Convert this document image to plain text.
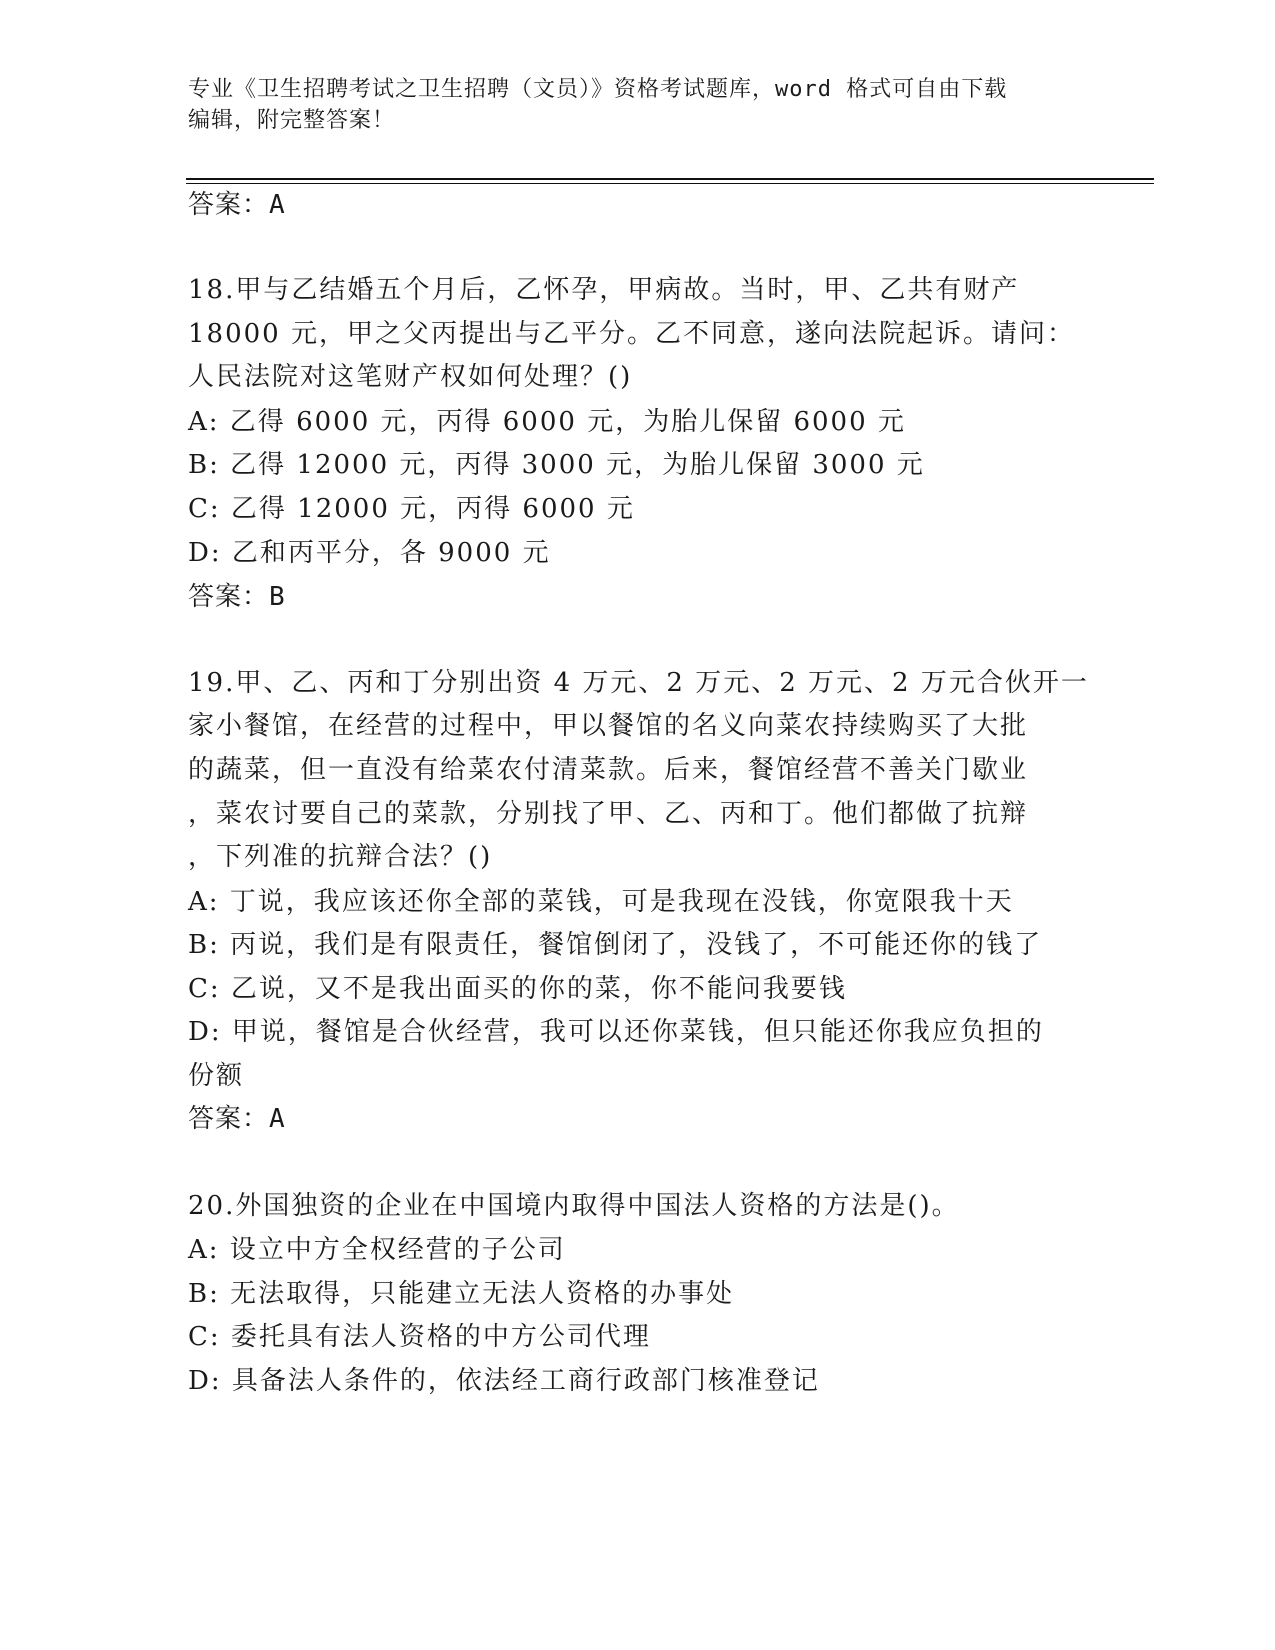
专业《卫生招聘考试之卫生招聘（文员）》资格考试题库，word 格式可自由下载
编辑，附完整答案！
答案：A
18.甲与乙结婚五个月后，乙怀孕，甲病故。当时，甲、乙共有财产
18000 元，甲之父丙提出与乙平分。乙不同意，遂向法院起诉。请问：
人民法院对这笔财产权如何处理？()
A: 乙得 6000 元，丙得 6000 元，为胎儿保留 6000 元
B: 乙得 12000 元，丙得 3000 元，为胎儿保留 3000 元
C: 乙得 12000 元，丙得 6000 元
D: 乙和丙平分，各 9000 元
答案：B
19.甲、乙、丙和丁分别出资 4 万元、2 万元、2 万元、2 万元合伙开一
家小餐馆，在经营的过程中，甲以餐馆的名义向菜农持续购买了大批
的蔬菜，但一直没有给菜农付清菜款。后来，餐馆经营不善关门歇业
，菜农讨要自己的菜款，分别找了甲、乙、丙和丁。他们都做了抗辩
，下列准的抗辩合法？()
A: 丁说，我应该还你全部的菜钱，可是我现在没钱，你宽限我十天
B: 丙说，我们是有限责任，餐馆倒闭了，没钱了，不可能还你的钱了
C: 乙说，又不是我出面买的你的菜，你不能问我要钱
D: 甲说，餐馆是合伙经营，我可以还你菜钱，但只能还你我应负担的
份额
答案：A
20.外国独资的企业在中国境内取得中国法人资格的方法是()。
A: 设立中方全权经营的子公司
B: 无法取得，只能建立无法人资格的办事处
C: 委托具有法人资格的中方公司代理
D: 具备法人条件的，依法经工商行政部门核准登记
